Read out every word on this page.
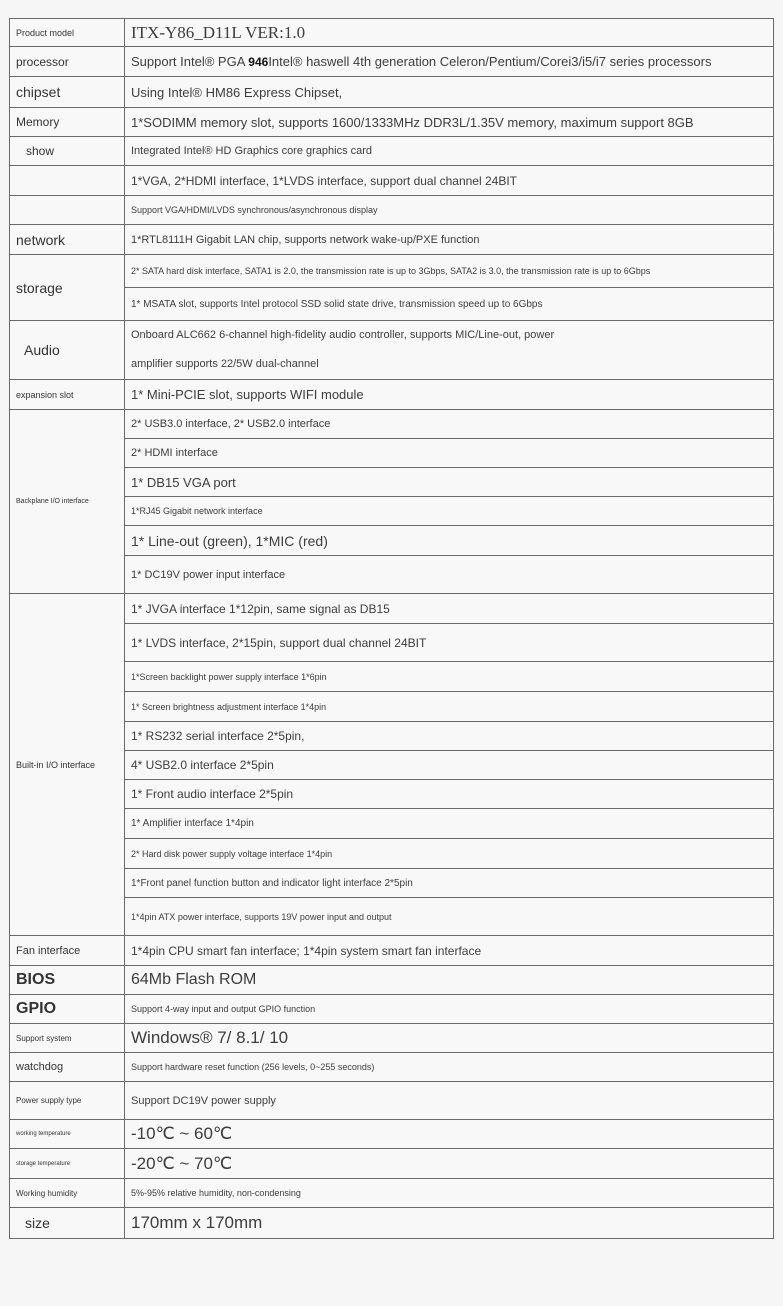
Product model	ITX-Y86_D11L VER:1.0
processor	Support Intel® PGA 946Intel® haswell 4th generation Celeron/Pentium/Corei3/i5/i7 series processors
chipset	Using Intel® HM86 Express Chipset,
Memory	1*SODIMM memory slot, supports 1600/1333MHz DDR3L/1.35V memory, maximum support 8GB
show	Integrated Intel® HD Graphics core graphics card
	1*VGA, 2*HDMI interface, 1*LVDS interface, support dual channel 24BIT
	Support VGA/HDMI/LVDS synchronous/asynchronous display
network	1*RTL8111H Gigabit LAN chip, supports network wake-up/PXE function
storage	2* SATA hard disk interface, SATA1 is 2.0, the transmission rate is up to 3Gbps, SATA2 is 3.0, the transmission rate is up to 6Gbps
	1* MSATA slot, supports Intel protocol SSD solid state drive, transmission speed up to 6Gbps
Audio	Onboard ALC662 6-channel high-fidelity audio controller, supports MIC/Line-out, power amplifier supports 22/5W dual-channel
expansion slot	1* Mini-PCIE slot, supports WIFI module
Backplane I/O interface	2* USB3.0 interface, 2* USB2.0 interface
	2* HDMI interface
	1* DB15 VGA port
	1*RJ45 Gigabit network interface
	1* Line-out (green), 1*MIC (red)
	1* DC19V power input interface
Built-in I/O interface	1* JVGA interface 1*12pin, same signal as DB15
	1* LVDS interface, 2*15pin, support dual channel 24BIT
	1*Screen backlight power supply interface 1*6pin
	1* Screen brightness adjustment interface 1*4pin
	1* RS232 serial interface 2*5pin,
	4* USB2.0 interface 2*5pin
	1* Front audio interface 2*5pin
	1* Amplifier interface 1*4pin
	2* Hard disk power supply voltage interface 1*4pin
	1*Front panel function button and indicator light interface 2*5pin
	1*4pin ATX power interface, supports 19V power input and output
Fan interface	1*4pin CPU smart fan interface; 1*4pin system smart fan interface
BIOS	64Mb Flash ROM
GPIO	Support 4-way input and output GPIO function
Support system	Windows® 7/ 8.1/ 10
watchdog	Support hardware reset function (256 levels, 0~255 seconds)
Power supply type	Support DC19V power supply
working temperature	-10℃ ~ 60℃
storage temperature	-20℃ ~ 70℃
Working humidity	5%-95% relative humidity, non-condensing
size	170mm x 170mm
